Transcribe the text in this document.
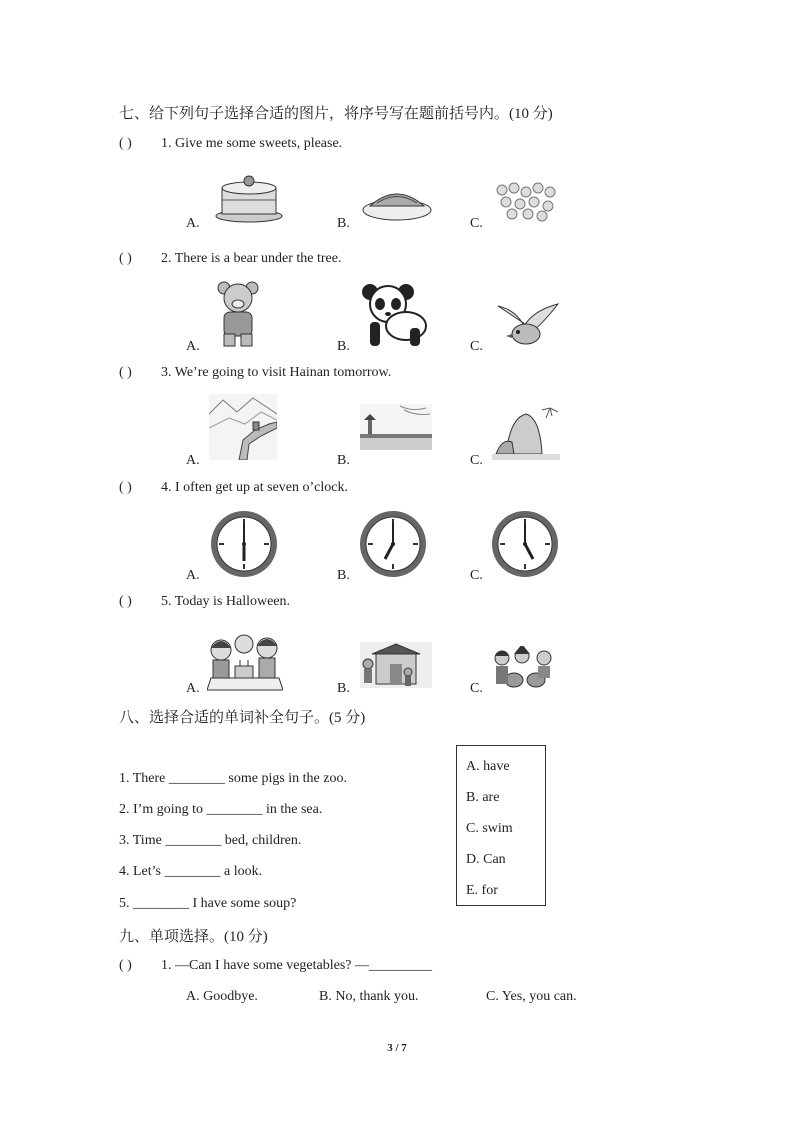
七、给下列句子选择合适的图片，将序号写在题前括号内。(10 分)
( ) 1. Give me some sweets, please.
A.	B.	C.
( ) 2. There is a bear under the tree.
A.	B.	C.
( ) 3. We’re going to visit Hainan tomorrow.
A.	B.	C.
( ) 4. I often get up at seven o’clock.
A.	B.	C.
( ) 5. Today is Halloween.
A.	B.	C.
八、选择合适的单词补全句子。(5 分)
1. There ________ some pigs in the zoo.
2. I’m going to ________ in the sea.
3. Time ________ bed, children.
4. Let’s ________ a look.
5. ________ I have some soup?
A. have
B. are
C. swim
D. Can
E. for
九、单项选择。(10 分)
( ) 1. —Can I have some vegetables? —_________
A. Goodbye.	B. No, thank you.	C. Yes, you can.
3 / 7
